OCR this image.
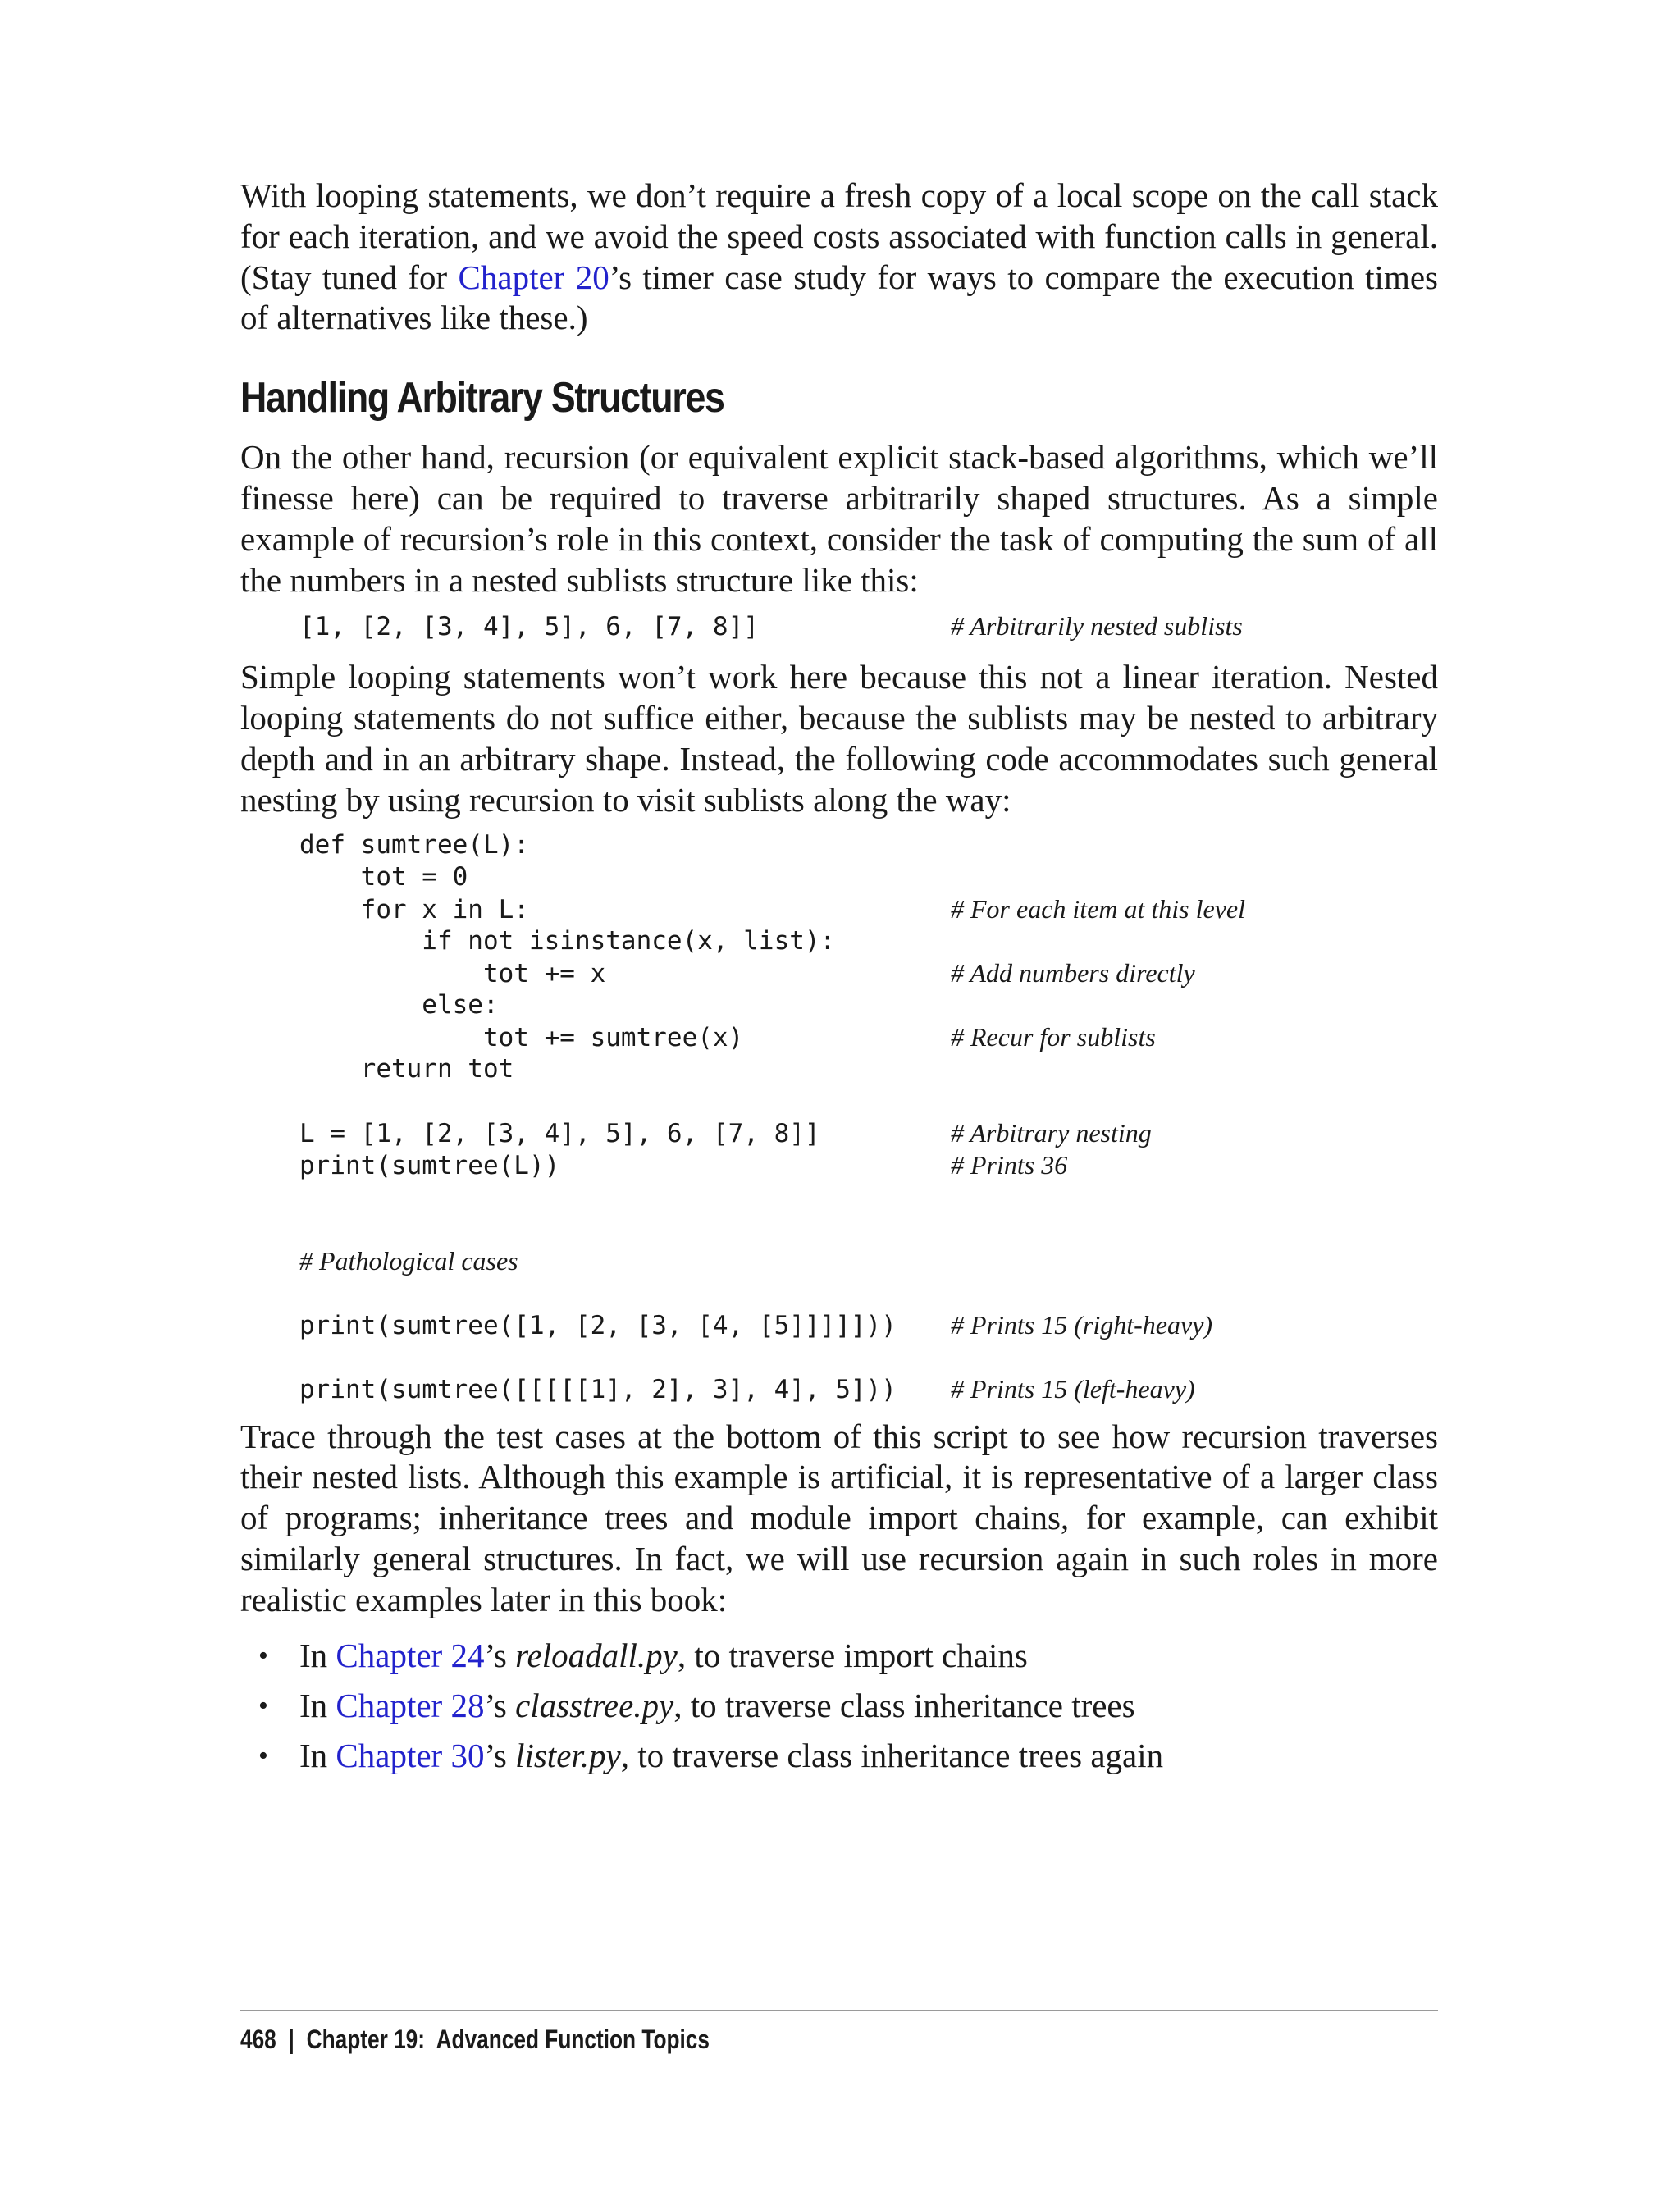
With looping statements, we don’t require a fresh copy of a local scope on the call stack for each iteration, and we avoid the speed costs associated with function calls in general. (Stay tuned for Chapter 20’s timer case study for ways to compare the execution times of alternatives like these.)

Handling Arbitrary Structures

On the other hand, recursion (or equivalent explicit stack-based algorithms, which we’ll finesse here) can be required to traverse arbitrarily shaped structures. As a simple example of recursion’s role in this context, consider the task of computing the sum of all the numbers in a nested sublists structure like this:

[1, [2, [3, 4], 5], 6, [7, 8]]	# Arbitrarily nested sublists

Simple looping statements won’t work here because this not a linear iteration. Nested looping statements do not suffice either, because the sublists may be nested to arbitrary depth and in an arbitrary shape. Instead, the following code accommodates such general nesting by using recursion to visit sublists along the way:

def sumtree(L):
tot = 0
for x in L:	# For each item at this level
if not isinstance(x, list):
tot += x	# Add numbers directly
else:
tot += sumtree(x)	# Recur for sublists
return tot
L = [1, [2, [3, 4], 5], 6, [7, 8]]	# Arbitrary nesting
print(sumtree(L))	# Prints 36
# Pathological cases
print(sumtree([1, [2, [3, [4, [5]]]]]))	# Prints 15 (right-heavy)
print(sumtree([[[[[1], 2], 3], 4], 5]))	# Prints 15 (left-heavy)

Trace through the test cases at the bottom of this script to see how recursion traverses their nested lists. Although this example is artificial, it is representative of a larger class of programs; inheritance trees and module import chains, for example, can exhibit similarly general structures. In fact, we will use recursion again in such roles in more realistic examples later in this book:

• In Chapter 24’s reloadall.py, to traverse import chains
• In Chapter 28’s classtree.py, to traverse class inheritance trees
• In Chapter 30’s lister.py, to traverse class inheritance trees again
468 | Chapter 19:  Advanced Function Topics
